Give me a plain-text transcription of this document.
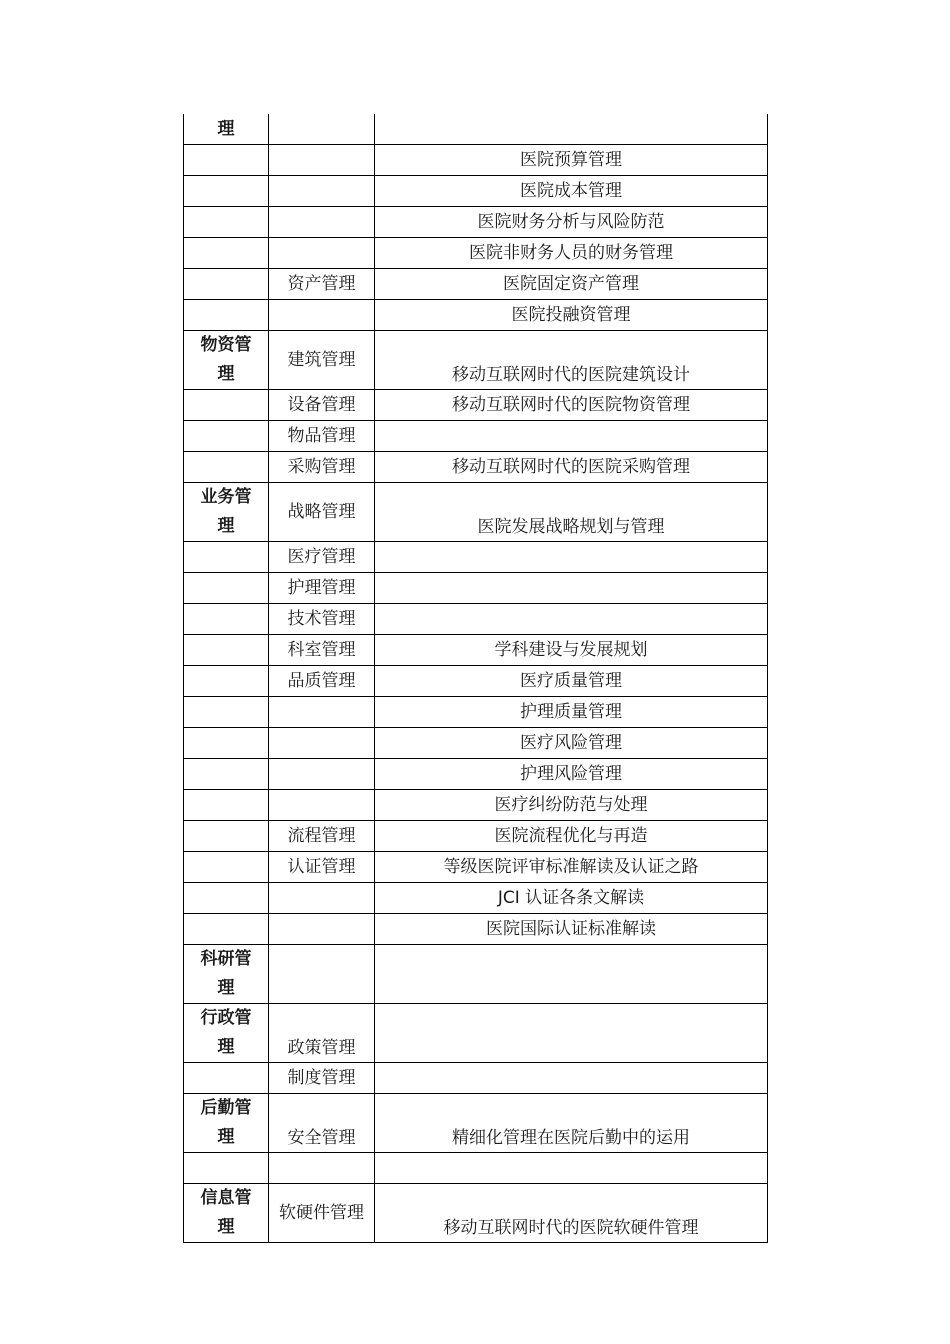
理		
		医院预算管理
		医院成本管理
		医院财务分析与风险防范
		医院非财务人员的财务管理
	资产管理	医院固定资产管理
		医院投融资管理
物资管理	建筑管理	移动互联网时代的医院建筑设计
	设备管理	移动互联网时代的医院物资管理
	物品管理	
	采购管理	移动互联网时代的医院采购管理
业务管理	战略管理	医院发展战略规划与管理
	医疗管理	
	护理管理	
	技术管理	
	科室管理	学科建设与发展规划
	品质管理	医疗质量管理
		护理质量管理
		医疗风险管理
		护理风险管理
		医疗纠纷防范与处理
	流程管理	医院流程优化与再造
	认证管理	等级医院评审标准解读及认证之路
		JCI 认证各条文解读
		医院国际认证标准解读
科研管理		
行政管理	政策管理	
	制度管理	
后勤管理	安全管理	精细化管理在医院后勤中的运用

信息管理	软硬件管理	移动互联网时代的医院软硬件管理
